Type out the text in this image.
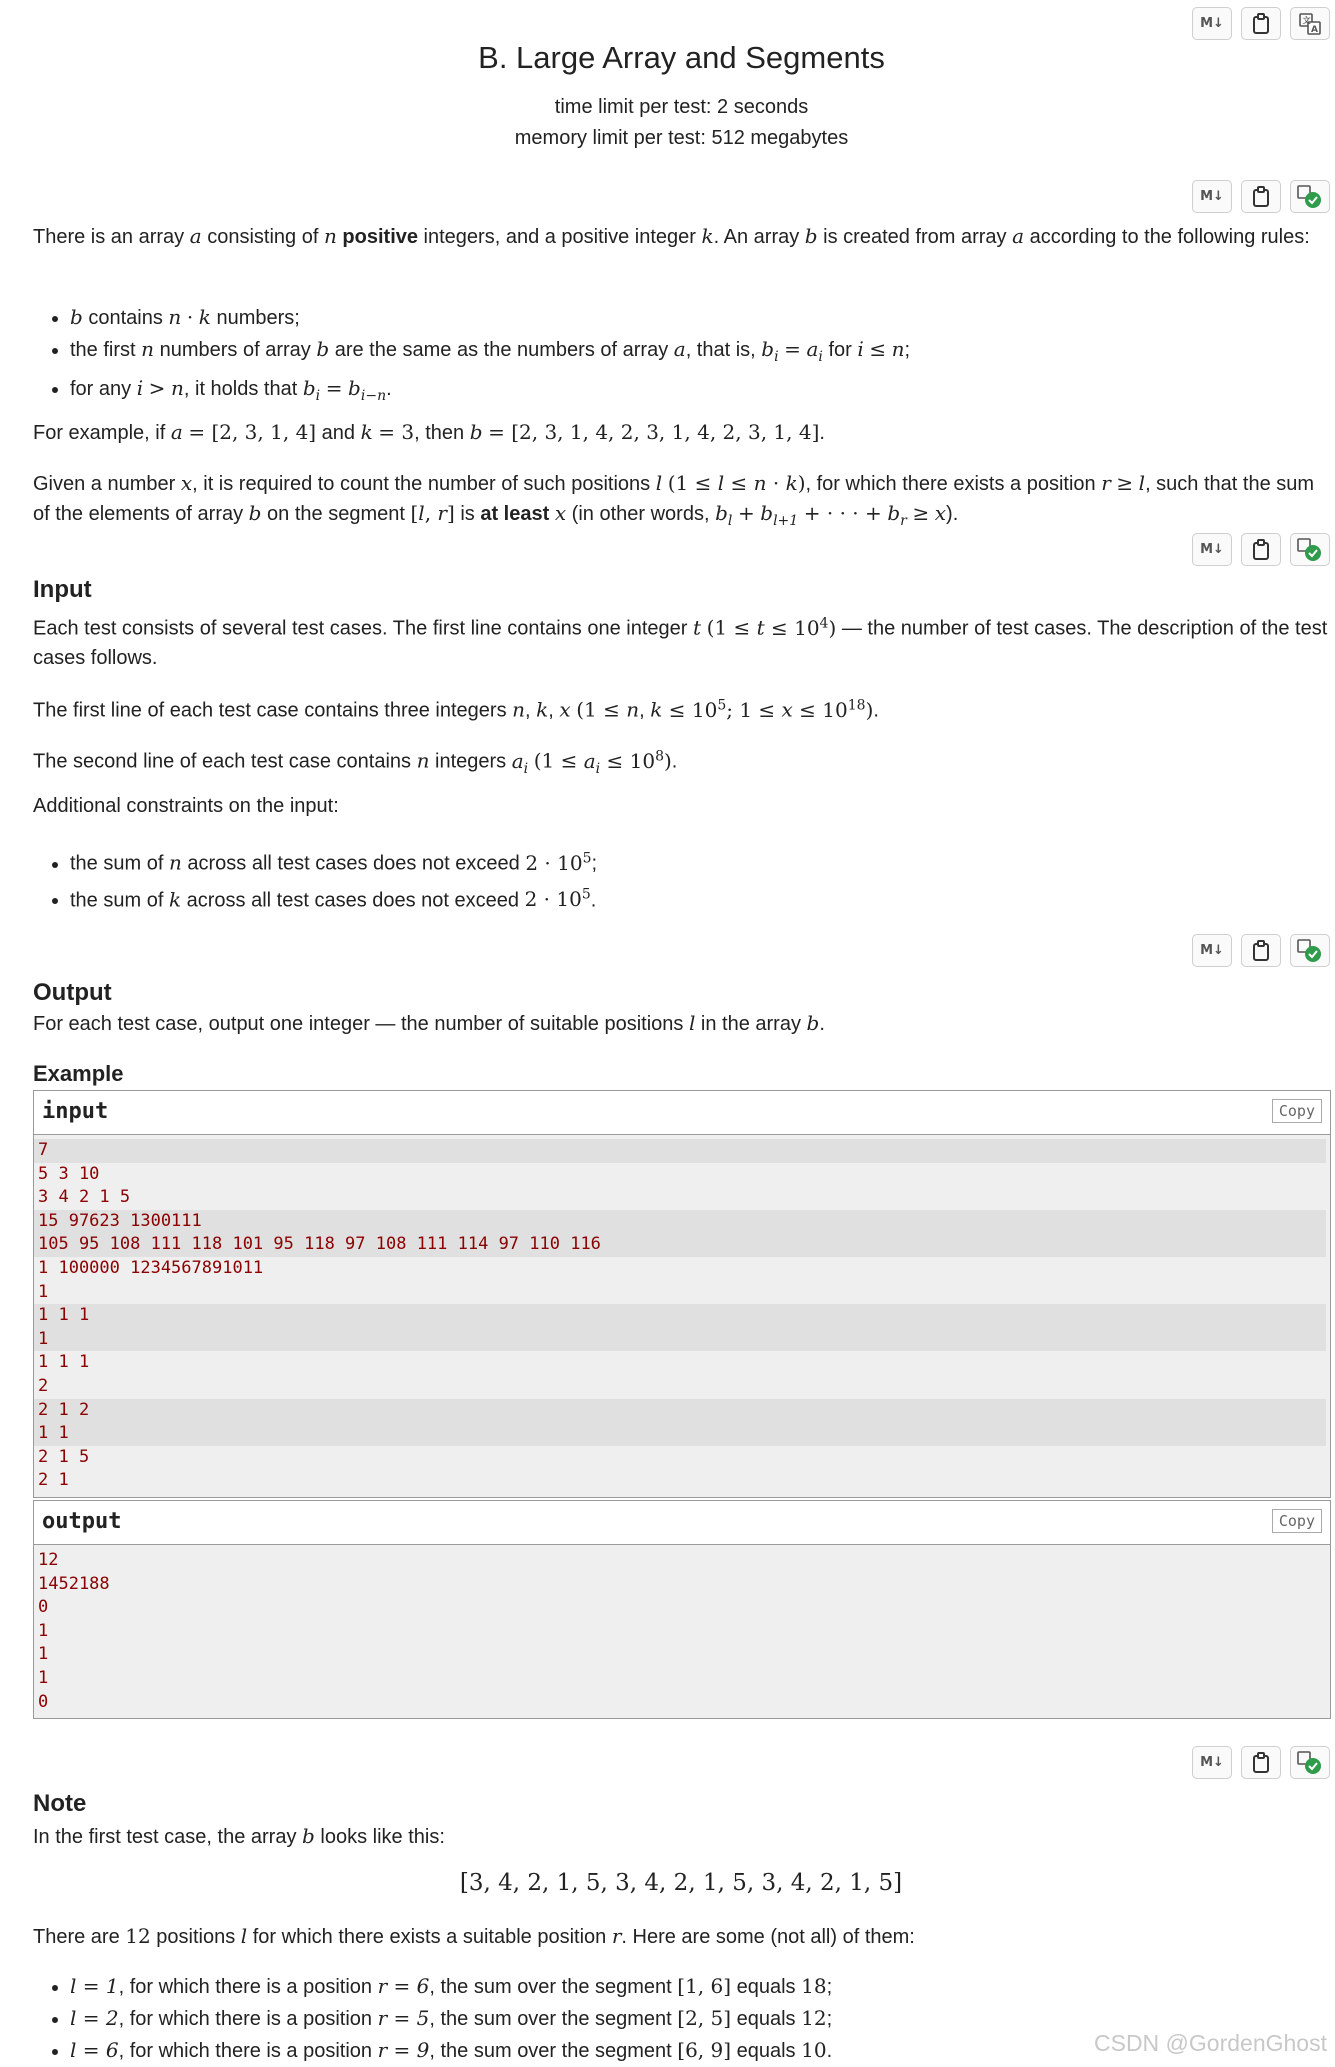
M↓	文
A
B. Large Array and Segments
time limit per test: 2 seconds
memory limit per test: 512 megabytes
M↓
There is an array a consisting of n positive integers, and a positive integer k. An array b is created from array a according to the following rules:
• b contains n · k numbers;
• the first n numbers of array b are the same as the numbers of array a, that is, $b_i = a_i$ for i ≤ n;
• for any i > n, it holds that $b_i = b_{i-n}$.
For example, if a = [2, 3, 1, 4] and k = 3, then b = [2, 3, 1, 4, 2, 3, 1, 4, 2, 3, 1, 4].
Given a number x, it is required to count the number of such positions l (1 ≤ l ≤ n · k), for which there exists a position r ≥ l, such that the sum of the elements of array b on the segment [l, r] is at least x (in other words, $b_l + b_{l+1}$ + · · · + $b_r \ge x$).
M↓
Input
Each test consists of several test cases. The first line contains one integer t $(1 \le t \le 10^4)$ — the number of test cases. The description of the test cases follows.
The first line of each test case contains three integers n, k, x (1 ≤ n, $k \le 10^5$; $1 \le x \le 10^{18}$).
The second line of each test case contains n integers $a_i$ $(1 \le a_i \le 10^8)$.
Additional constraints on the input:
• the sum of n across all test cases does not exceed $2 \cdot 10^5$;
• the sum of k across all test cases does not exceed $2 \cdot 10^5$.
M↓
Output
For each test case, output one integer — the number of suitable positions l in the array b.
Example
input	Copy
7
5 3 10
3 4 2 1 5
15 97623 1300111
105 95 108 111 118 101 95 118 97 108 111 114 97 110 116
1 100000 1234567891011
1
1 1 1
1
1 1 1
2
2 1 2
1 1
2 1 5
2 1
output	Copy
12
1452188
0
1
1
1
0
M↓
Note
In the first test case, the array b looks like this:
[3, 4, 2, 1, 5, 3, 4, 2, 1, 5, 3, 4, 2, 1, 5]
There are 12 positions l for which there exists a suitable position r. Here are some (not all) of them:
• l = 1, for which there is a position r = 6, the sum over the segment [1, 6] equals 18;
• l = 2, for which there is a position r = 5, the sum over the segment [2, 5] equals 12;
• l = 6, for which there is a position r = 9, the sum over the segment [6, 9] equals 10.	CSDN @GordenGhost
